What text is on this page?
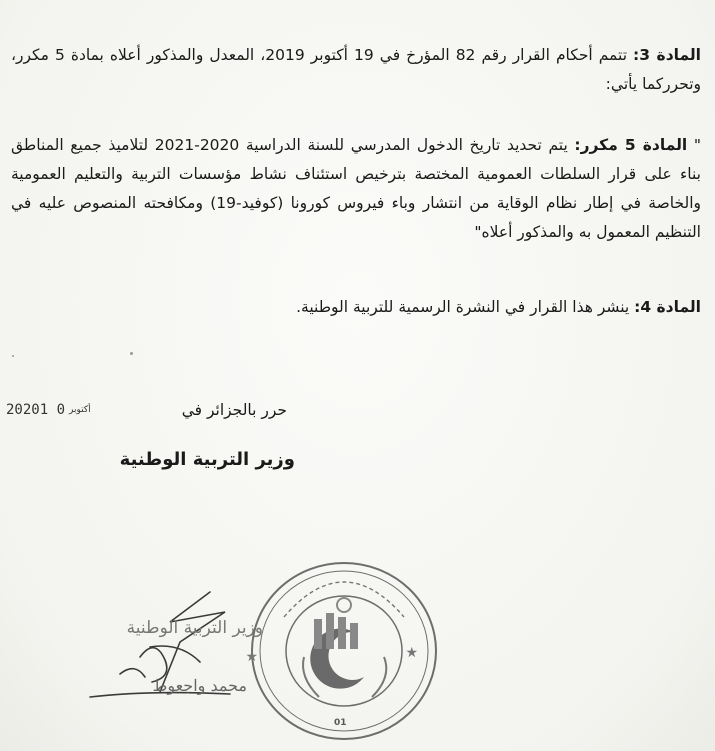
المادة 3: تتمم أحكام القرار رقم 82 المؤرخ في 19 أكتوبر 2019، المعدل والمذكور أعلاه بمادة 5 مكرر، وتحرركما يأتي:
" المادة 5 مكرر: يتم تحديد تاريخ الدخول المدرسي للسنة الدراسية 2020-2021 لتلاميذ جميع المناطق بناء على قرار السلطات العمومية المختصة بترخيص استئناف نشاط مؤسسات التربية والتعليم العمومية والخاصة في إطار نظام الوقاية من انتشار وباء فيروس كورونا (كوفيد-19) ومكافحته المنصوص عليه في التنظيم المعمول به والمذكور أعلاه"
المادة 4: ينشر هذا القرار في النشرة الرسمية للتربية الوطنية.
حرر بالجزائر في
2020	أكتوبر0 1
وزير التربية الوطنية
★	★
★
01
وزير التربية الوطنية
محمد واجعوط
